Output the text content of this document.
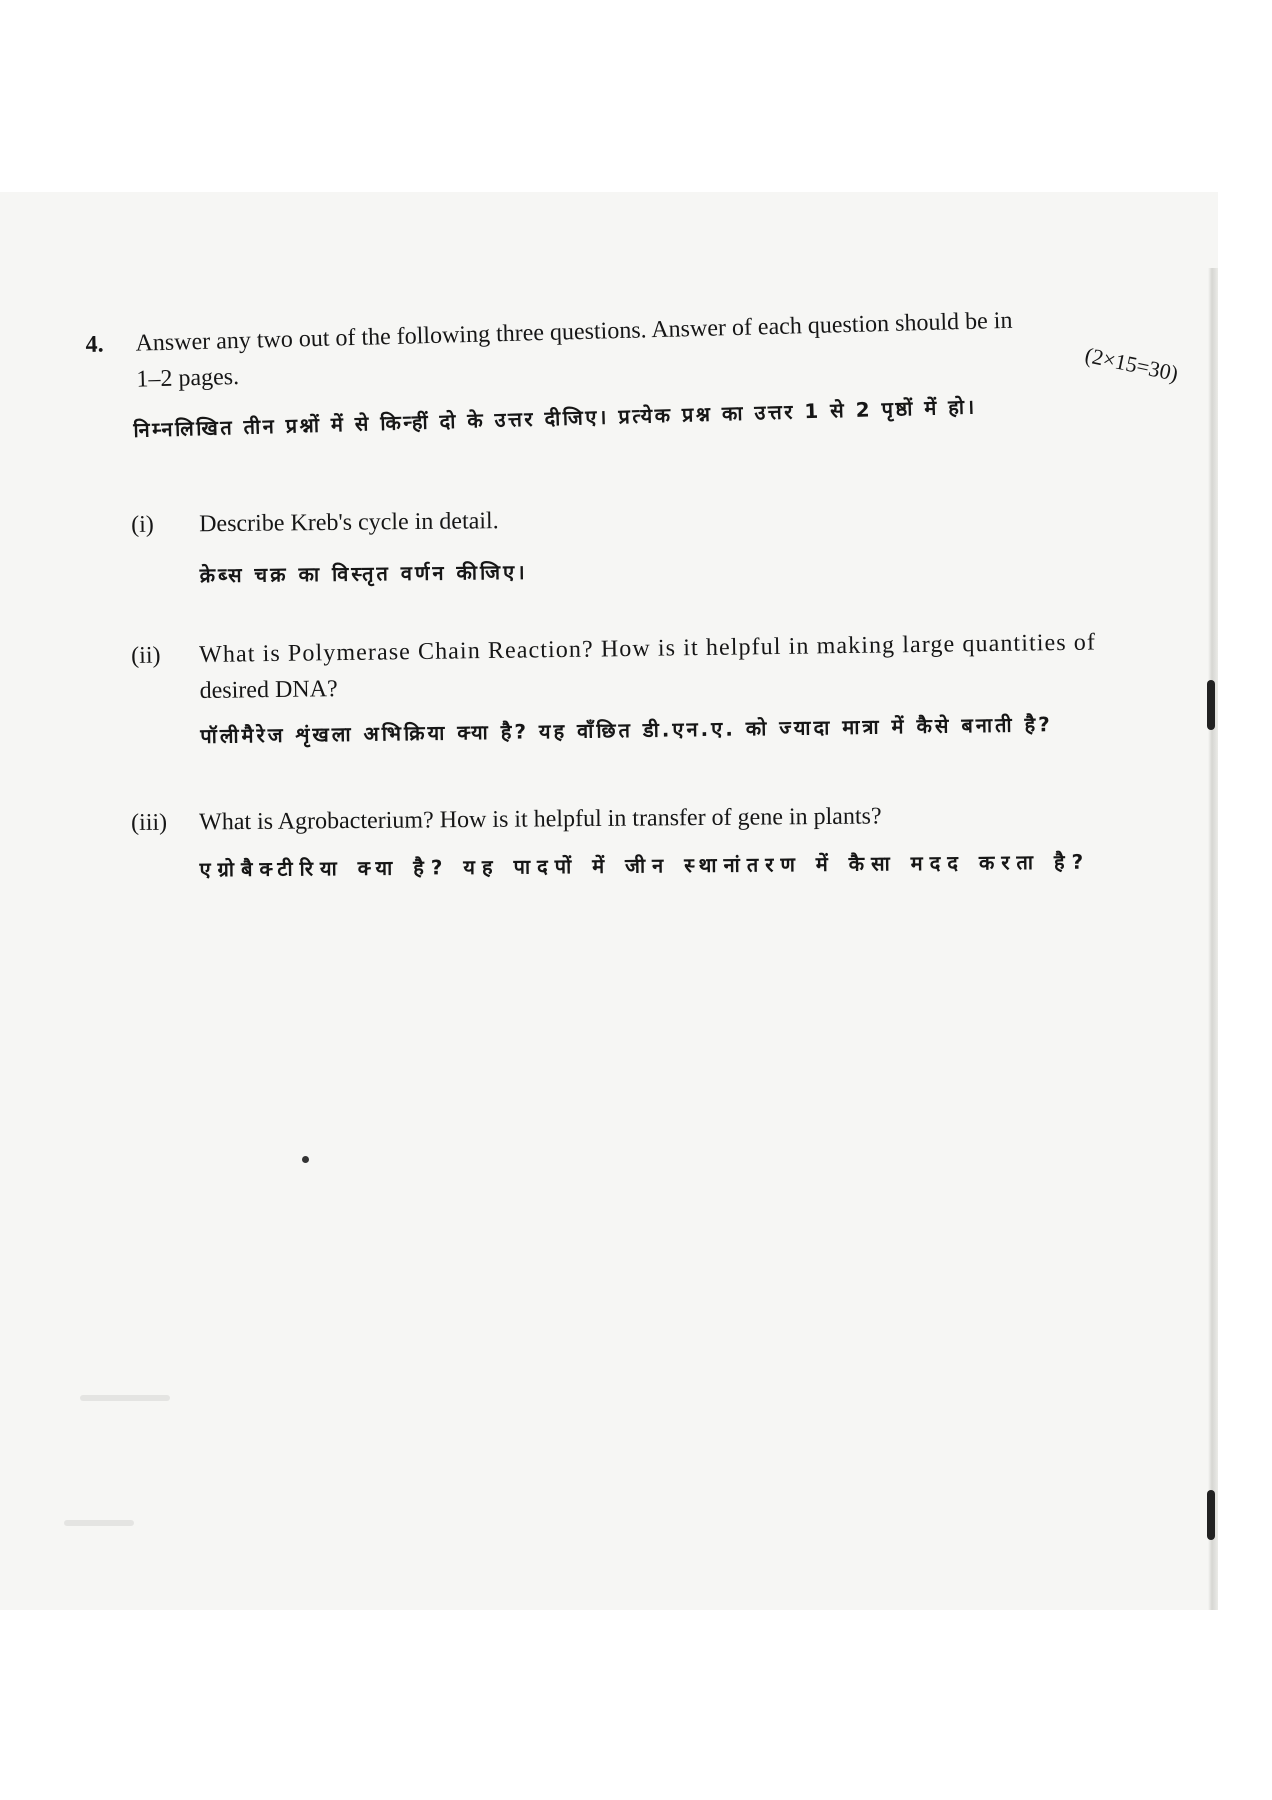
4. Answer any two out of the following three questions. Answer of each question should be in
1–2 pages.	(2×15=30)
निम्नलिखित तीन प्रश्नों में से किन्हीं दो के उत्तर दीजिए। प्रत्येक प्रश्न का उत्तर 1 से 2 पृष्ठों में हो।
(i) Describe Kreb's cycle in detail.
क्रेब्स चक्र का विस्तृत वर्णन कीजिए।
(ii) What is Polymerase Chain Reaction? How is it helpful in making large quantities of
desired DNA?
पॉलीमैरेज शृंखला अभिक्रिया क्या है? यह वाँछित डी.एन.ए. को ज्यादा मात्रा में कैसे बनाती है?
(iii) What is Agrobacterium? How is it helpful in transfer of gene in plants?
एग्रोबैक्टीरिया क्या है? यह पादपों में जीन स्थानांतरण में कैसा मदद करता है?
